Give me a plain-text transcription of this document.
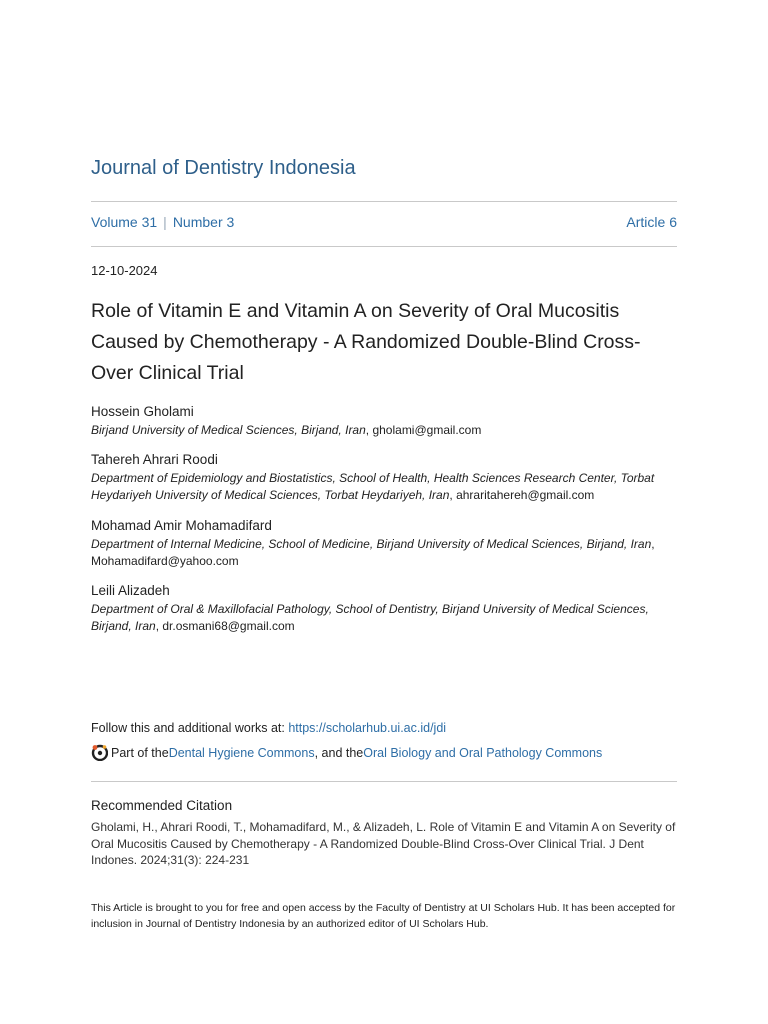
Journal of Dentistry Indonesia
Volume 31 | Number 3	Article 6
12-10-2024
Role of Vitamin E and Vitamin A on Severity of Oral Mucositis Caused by Chemotherapy - A Randomized Double-Blind Cross-Over Clinical Trial
Hossein Gholami
Birjand University of Medical Sciences, Birjand, Iran, gholami@gmail.com
Tahereh Ahrari Roodi
Department of Epidemiology and Biostatistics, School of Health, Health Sciences Research Center, Torbat Heydariyeh University of Medical Sciences, Torbat Heydariyeh, Iran, ahraritahereh@gmail.com
Mohamad Amir Mohamadifard
Department of Internal Medicine, School of Medicine, Birjand University of Medical Sciences, Birjand, Iran, Mohamadifard@yahoo.com
Leili Alizadeh
Department of Oral & Maxillofacial Pathology, School of Dentistry, Birjand University of Medical Sciences, Birjand, Iran, dr.osmani68@gmail.com
Follow this and additional works at: https://scholarhub.ui.ac.id/jdi
Part of the Dental Hygiene Commons , and the Oral Biology and Oral Pathology Commons
Recommended Citation
Gholami, H., Ahrari Roodi, T., Mohamadifard, M., & Alizadeh, L. Role of Vitamin E and Vitamin A on Severity of Oral Mucositis Caused by Chemotherapy - A Randomized Double-Blind Cross-Over Clinical Trial. J Dent Indones. 2024;31(3): 224-231
This Article is brought to you for free and open access by the Faculty of Dentistry at UI Scholars Hub. It has been accepted for inclusion in Journal of Dentistry Indonesia by an authorized editor of UI Scholars Hub.
